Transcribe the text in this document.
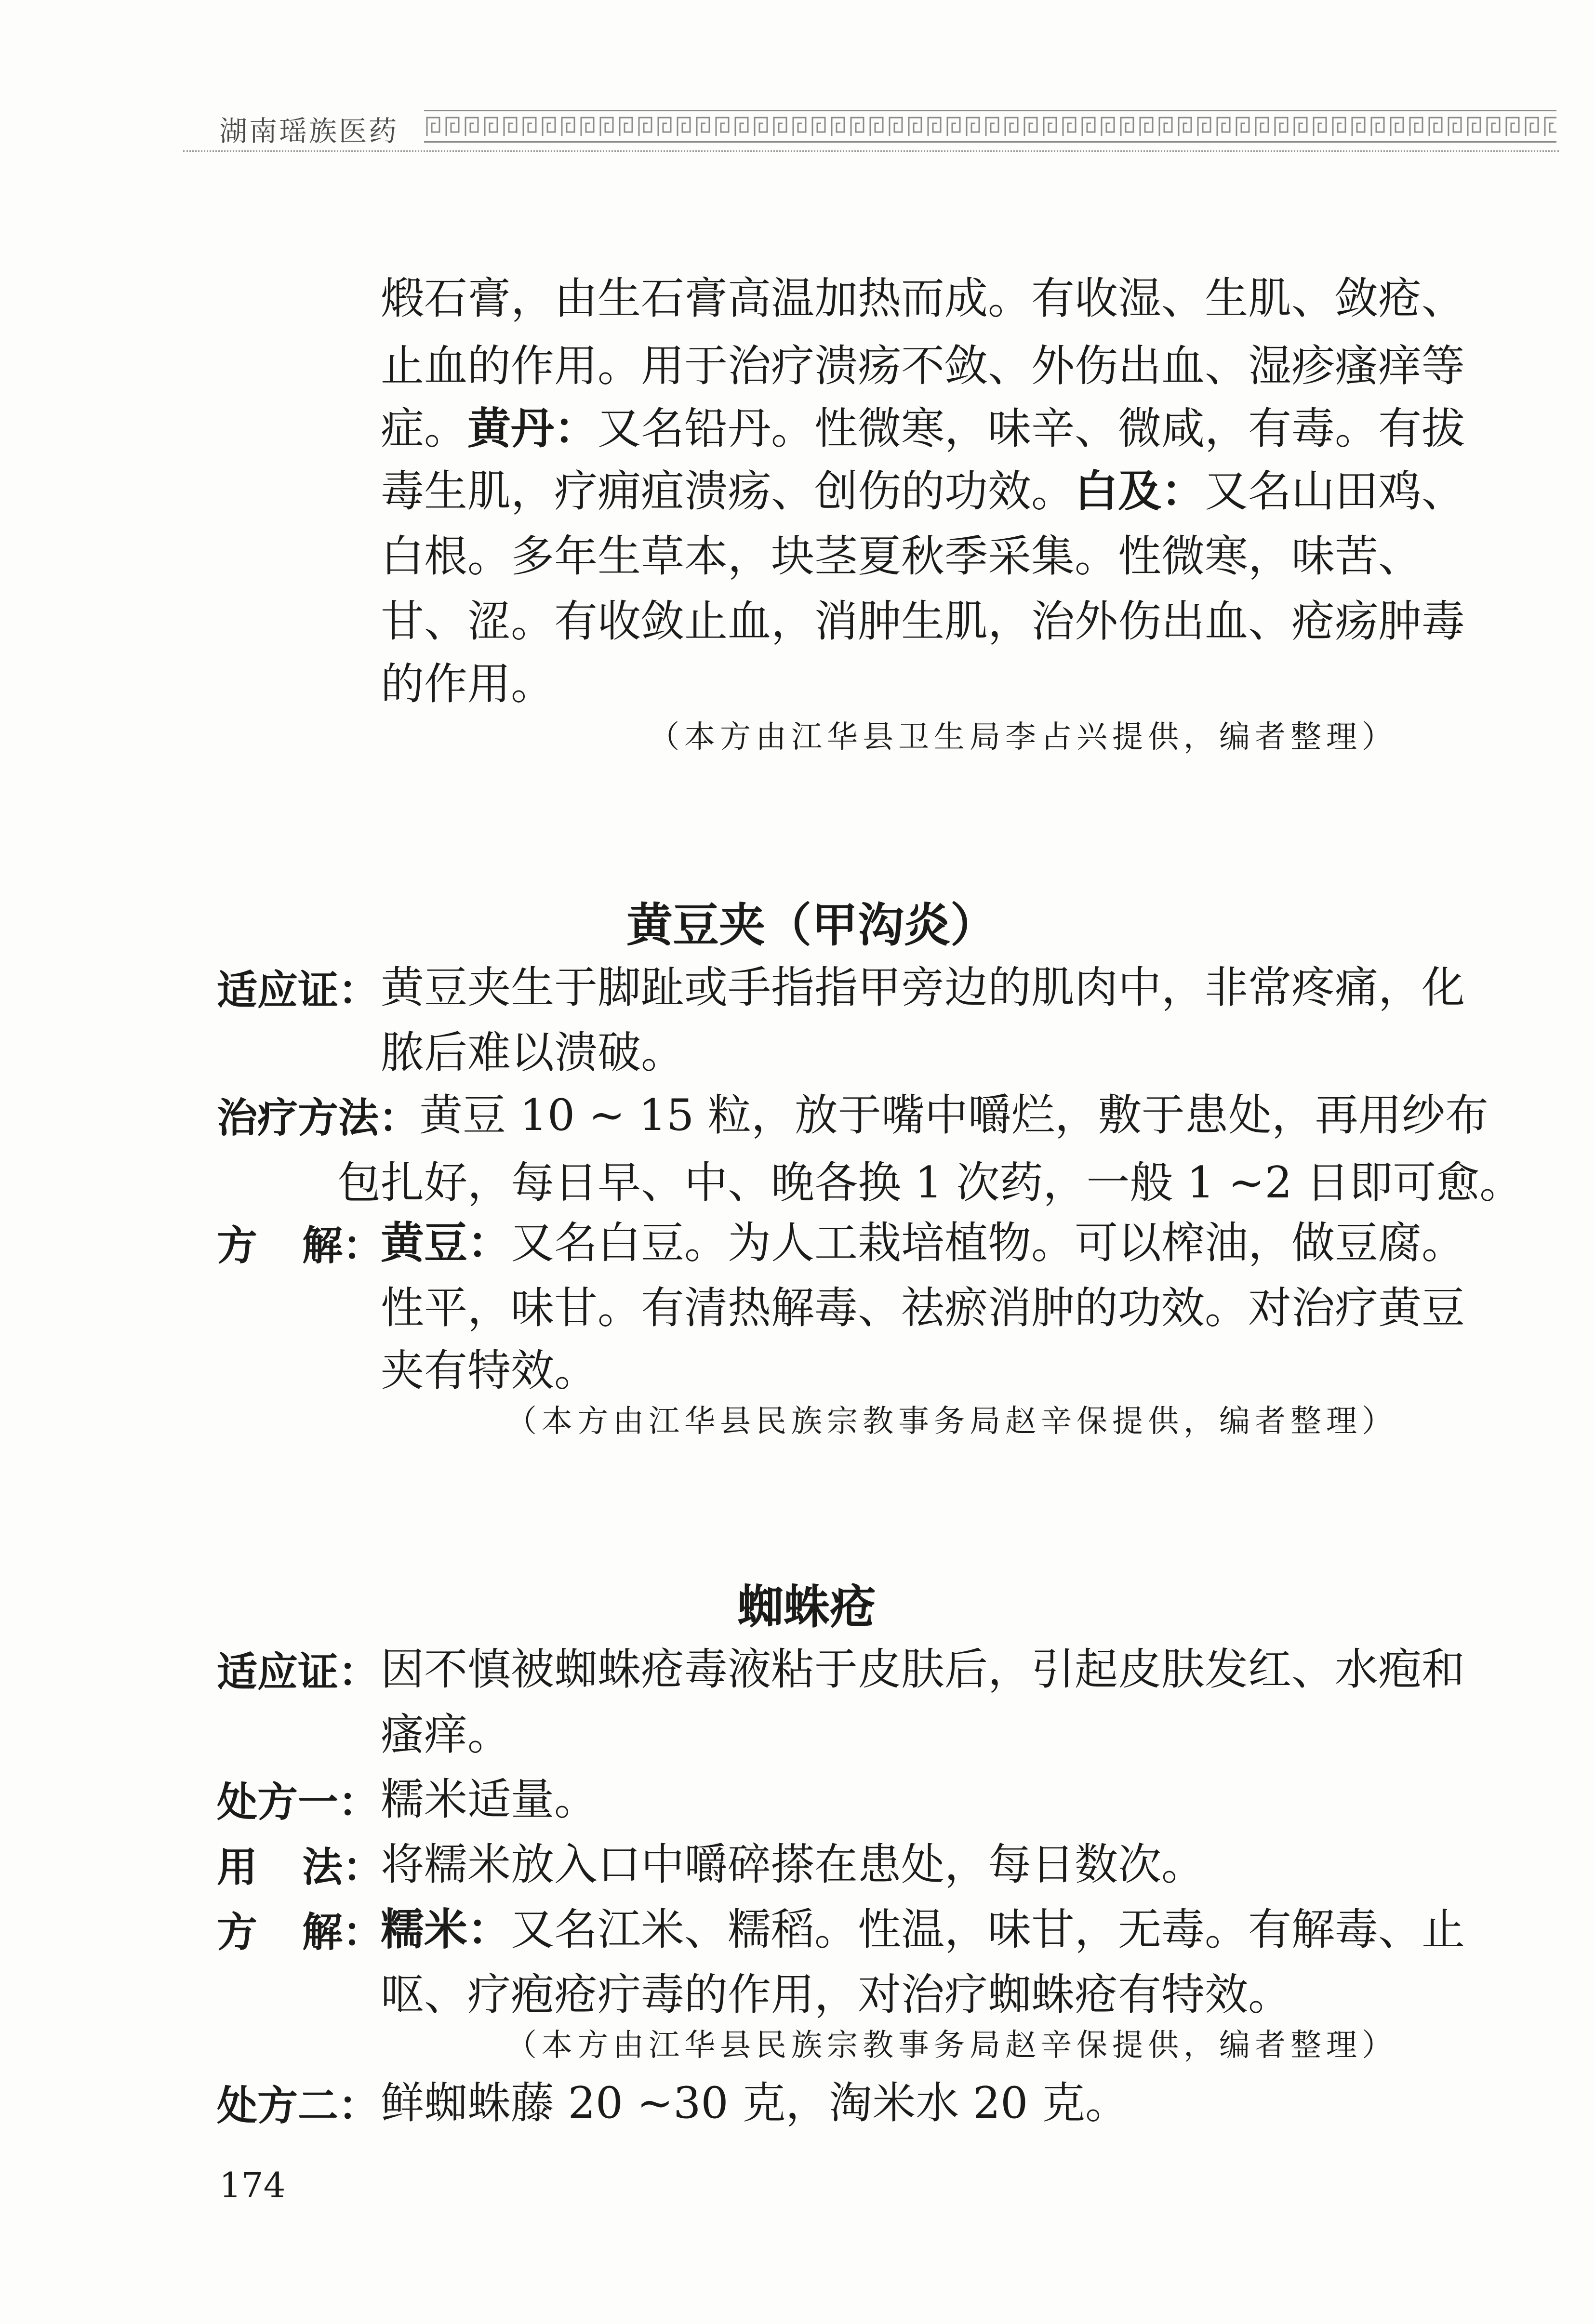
湖南瑶族医药
煅石膏，由生石膏高温加热而成。有收湿、生肌、敛疮、
止血的作用。用于治疗溃疡不敛、外伤出血、湿疹瘙痒等
症。黄丹：又名铅丹。性微寒，味辛、微咸，有毒。有拔
毒生肌，疗痈疽溃疡、创伤的功效。白及：又名山田鸡、
白根。多年生草本，块茎夏秋季采集。性微寒，味苦、
甘、涩。有收敛止血，消肿生肌，治外伤出血、疮疡肿毒
的作用。
（本方由江华县卫生局李占兴提供，编者整理）
黄豆夹（甲沟炎）
适应证： 黄豆夹生于脚趾或手指指甲旁边的肌肉中，非常疼痛，化
脓后难以溃破。
治疗方法： 黄豆 10 ~ 15 粒，放于嘴中嚼烂，敷于患处，再用纱布
包扎好，每日早、中、晚各换 1 次药，一般 1 ~2 日即可愈。
方 解：
黄豆：又名白豆。为人工栽培植物。可以榨油，做豆腐。
性平，味甘。有清热解毒、祛瘀消肿的功效。对治疗黄豆
夹有特效。
（本方由江华县民族宗教事务局赵辛保提供，编者整理）
蜘蛛疮
适应证： 因不慎被蜘蛛疮毒液粘于皮肤后，引起皮肤发红、水疱和
瘙痒。
处方一： 糯米适量。
用 法：
将糯米放入口中嚼碎搽在患处，每日数次。
方 解：
糯米：又名江米、糯稻。性温，味甘，无毒。有解毒、止
呕、疗疱疮疔毒的作用，对治疗蜘蛛疮有特效。
（本方由江华县民族宗教事务局赵辛保提供，编者整理）
处方二： 鲜蜘蛛藤 20 ~30 克，淘米水 20 克。
174
